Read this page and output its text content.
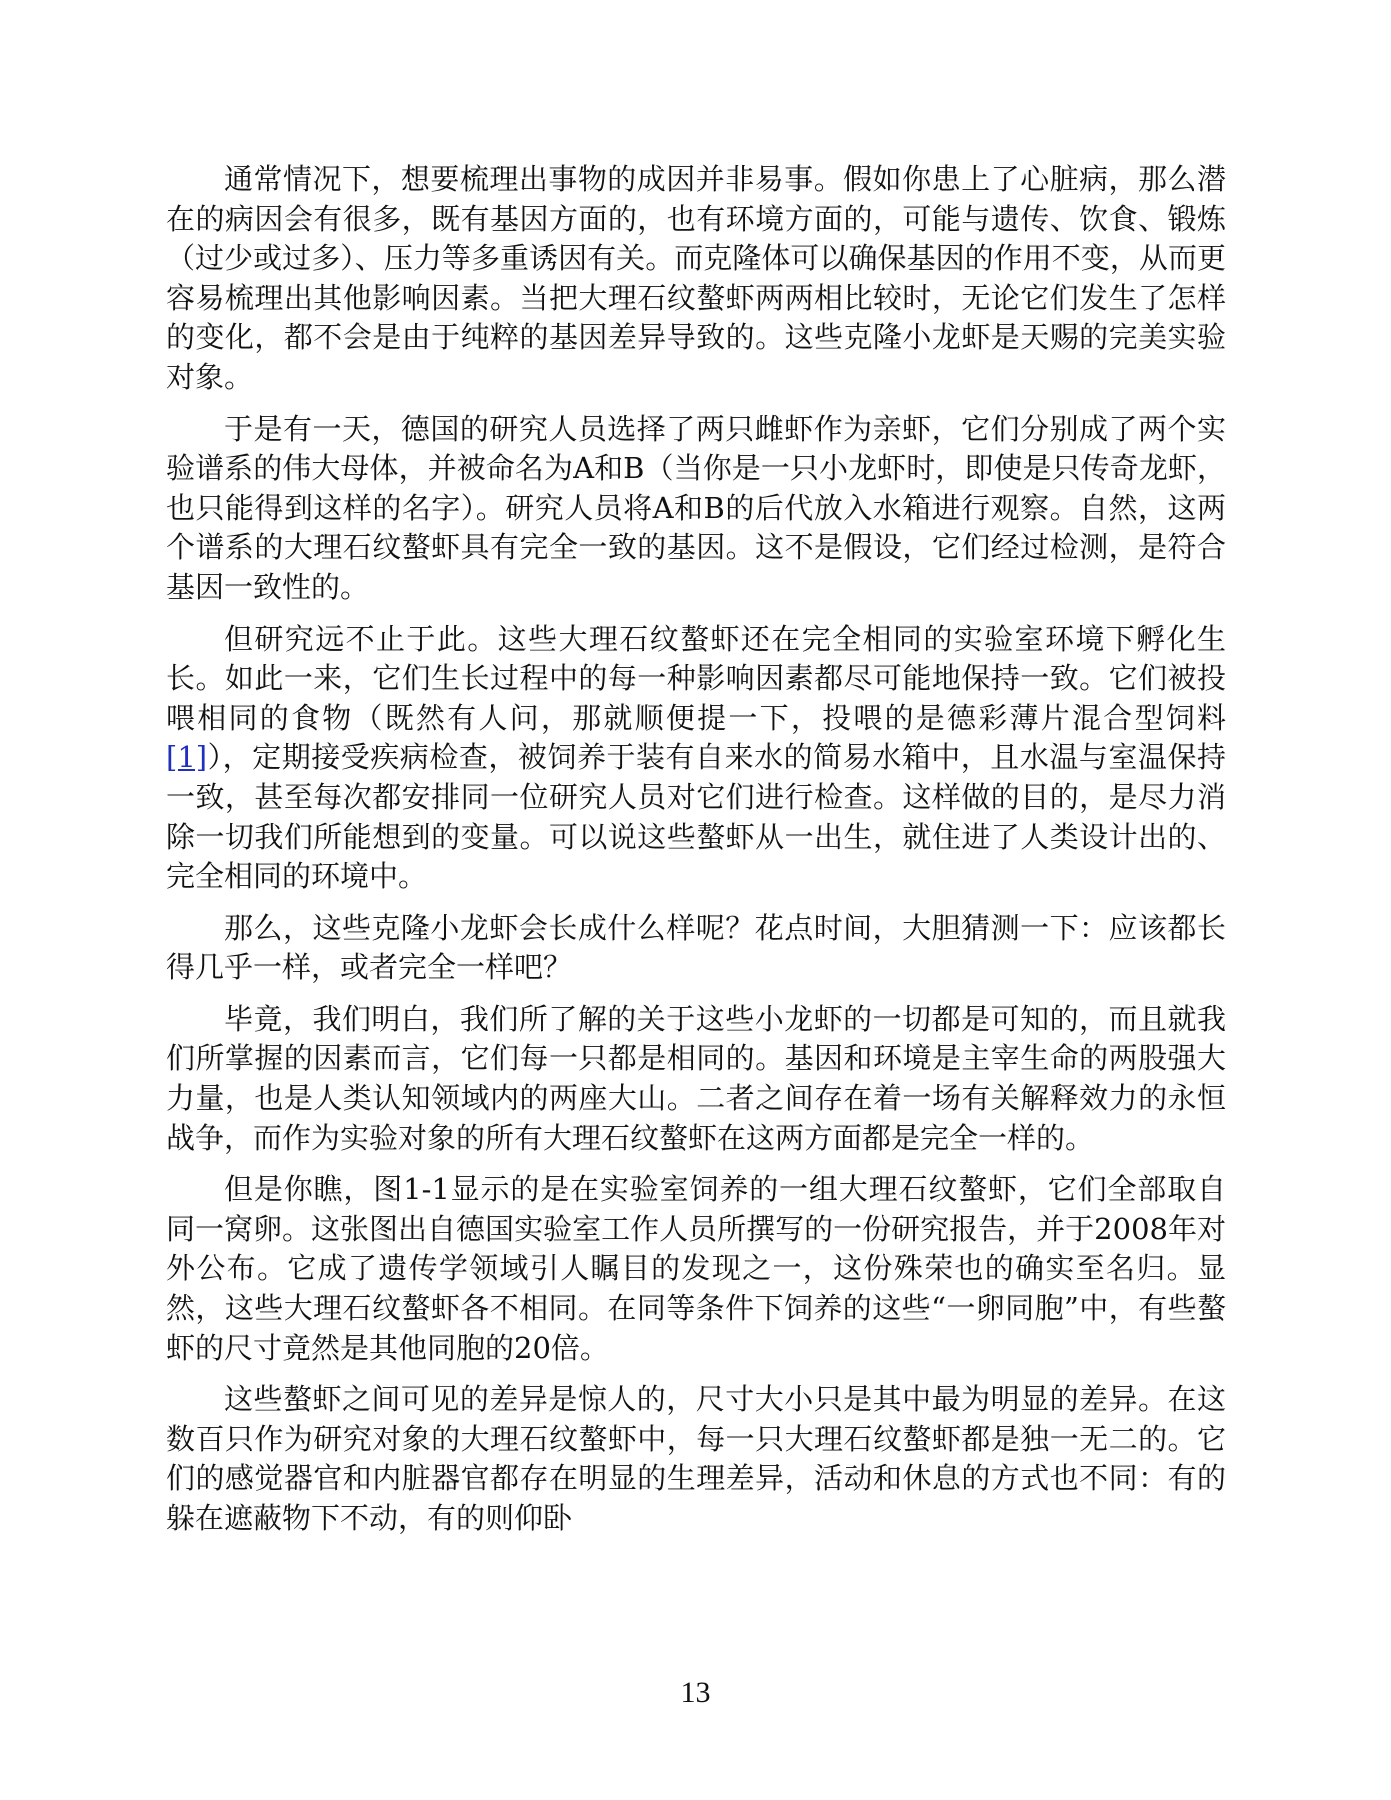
通常情况下，想要梳理出事物的成因并非易事。假如你患上了心脏病，那么潜在的病因会有很多，既有基因方面的，也有环境方面的，可能与遗传、饮食、锻炼（过少或过多）、压力等多重诱因有关。而克隆体可以确保基因的作用不变，从而更容易梳理出其他影响因素。当把大理石纹螯虾两两相比较时，无论它们发生了怎样的变化，都不会是由于纯粹的基因差异导致的。这些克隆小龙虾是天赐的完美实验对象。

于是有一天，德国的研究人员选择了两只雌虾作为亲虾，它们分别成了两个实验谱系的伟大母体，并被命名为A和B（当你是一只小龙虾时，即使是只传奇龙虾，也只能得到这样的名字）。研究人员将A和B的后代放入水箱进行观察。自然，这两个谱系的大理石纹螯虾具有完全一致的基因。这不是假设，它们经过检测，是符合基因一致性的。

但研究远不止于此。这些大理石纹螯虾还在完全相同的实验室环境下孵化生长。如此一来，它们生长过程中的每一种影响因素都尽可能地保持一致。它们被投喂相同的食物（既然有人问，那就顺便提一下，投喂的是德彩薄片混合型饲料[1]），定期接受疾病检查，被饲养于装有自来水的简易水箱中，且水温与室温保持一致，甚至每次都安排同一位研究人员对它们进行检查。这样做的目的，是尽力消除一切我们所能想到的变量。可以说这些螯虾从一出生，就住进了人类设计出的、完全相同的环境中。

那么，这些克隆小龙虾会长成什么样呢？花点时间，大胆猜测一下：应该都长得几乎一样，或者完全一样吧？

毕竟，我们明白，我们所了解的关于这些小龙虾的一切都是可知的，而且就我们所掌握的因素而言，它们每一只都是相同的。基因和环境是主宰生命的两股强大力量，也是人类认知领域内的两座大山。二者之间存在着一场有关解释效力的永恒战争，而作为实验对象的所有大理石纹螯虾在这两方面都是完全一样的。

但是你瞧，图1-1显示的是在实验室饲养的一组大理石纹螯虾，它们全部取自同一窝卵。这张图出自德国实验室工作人员所撰写的一份研究报告，并于2008年对外公布。它成了遗传学领域引人瞩目的发现之一，这份殊荣也的确实至名归。显然，这些大理石纹螯虾各不相同。在同等条件下饲养的这些“一卵同胞”中，有些螯虾的尺寸竟然是其他同胞的20倍。

这些螯虾之间可见的差异是惊人的，尺寸大小只是其中最为明显的差异。在这数百只作为研究对象的大理石纹螯虾中，每一只大理石纹螯虾都是独一无二的。它们的感觉器官和内脏器官都存在明显的生理差异，活动和休息的方式也不同：有的躲在遮蔽物下不动，有的则仰卧

13
